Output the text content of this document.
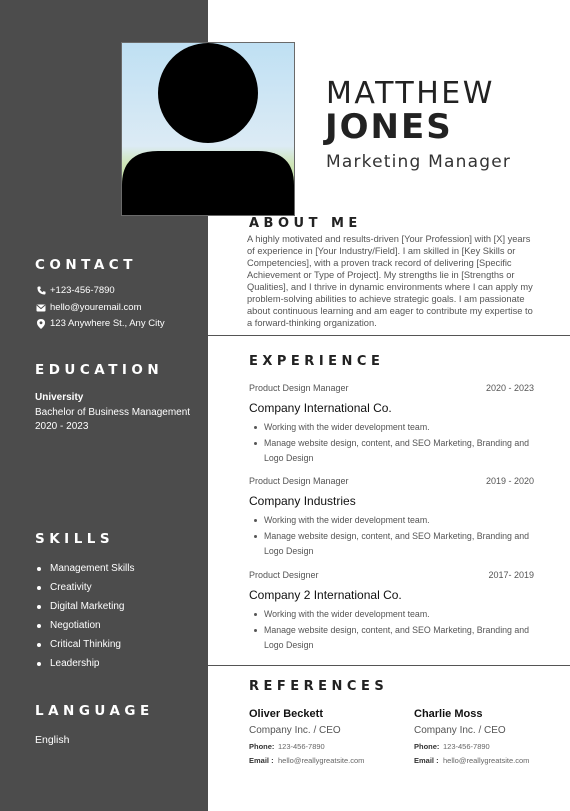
MATTHEW
JONES
Marketing Manager
CONTACT
+123-456-7890
hello@youremail.com
123 Anywhere St., Any City
EDUCATION
University
Bachelor of Business Management
2020 - 2023
SKILLS
Management Skills
Creativity
Digital Marketing
Negotiation
Critical Thinking
Leadership
LANGUAGE
English
ABOUT ME
A highly motivated and results-driven [Your Profession] with [X] years of experience in [Your Industry/Field]. I am skilled in [Key Skills or Competencies], with a proven track record of delivering [Specific Achievement or Type of Project]. My strengths lie in [Strengths or Qualities], and I thrive in dynamic environments where I can apply my problem-solving abilities to achieve strategic goals. I am passionate about continuous learning and am eager to contribute my expertise to a forward-thinking organization.
EXPERIENCE
Product Design Manager	2020 - 2023
Company International Co.
Working with the wider development team.
Manage website design, content, and SEO Marketing, Branding and Logo Design
Product Design Manager	2019 - 2020
Company Industries
Working with the wider development team.
Manage website design, content, and SEO Marketing, Branding and Logo Design
Product Designer	2017- 2019
Company 2 International Co.
Working with the wider development team.
Manage website design, content, and SEO Marketing, Branding and Logo Design
REFERENCES
Oliver Beckett
Company Inc. / CEO
Phone: 123-456-7890
Email : hello@reallygreatsite.com
Charlie Moss
Company Inc. / CEO
Phone: 123-456-7890
Email : hello@reallygreatsite.com
